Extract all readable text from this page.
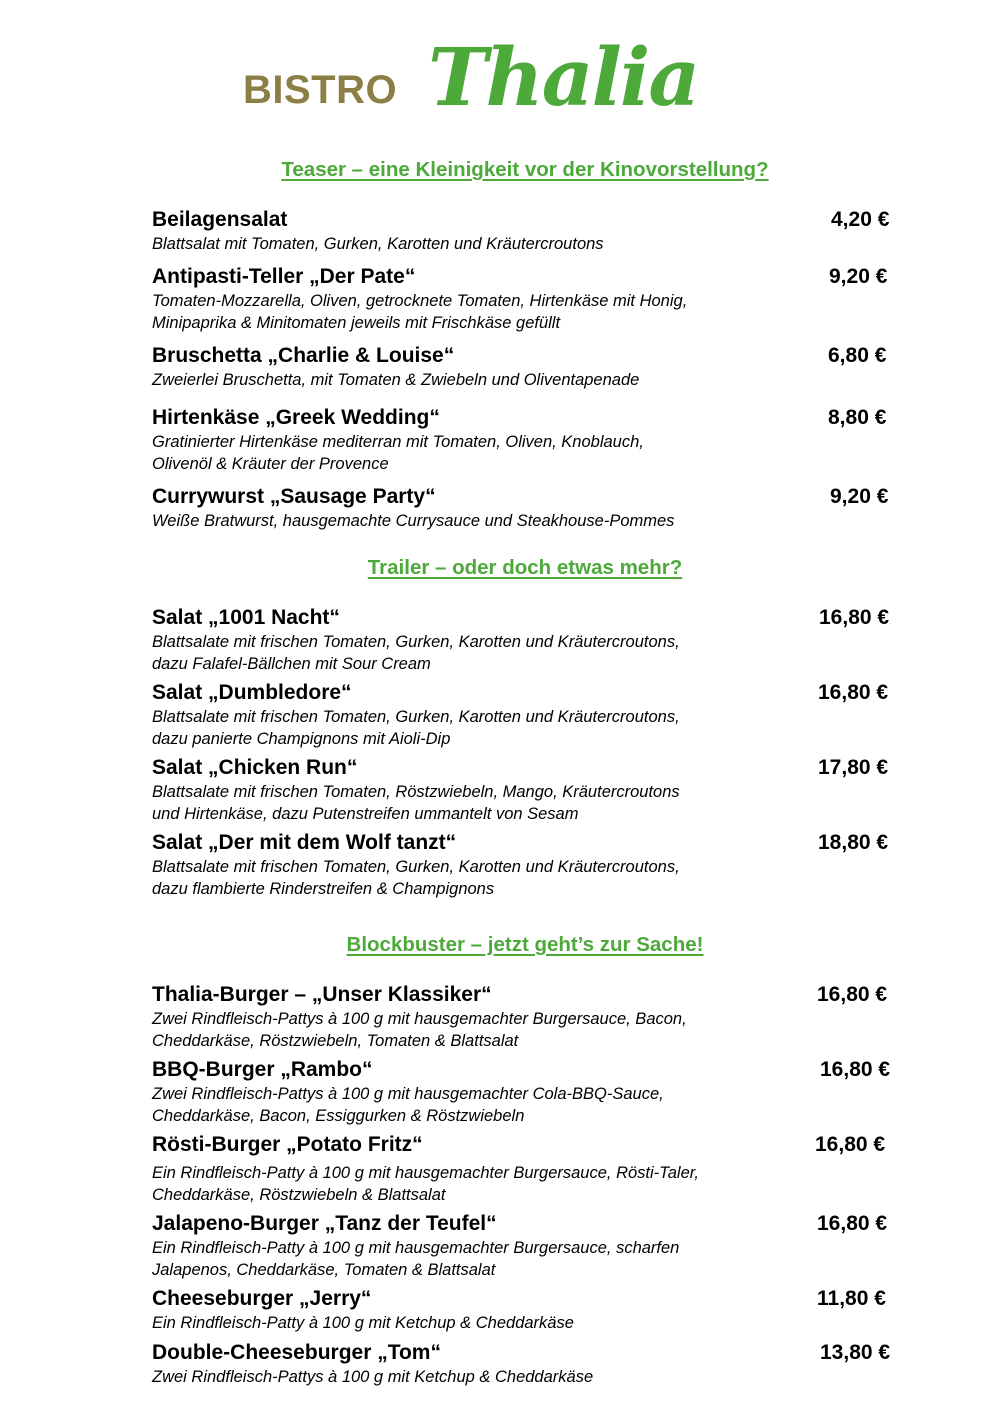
BISTRO Thalia
Teaser – eine Kleinigkeit vor der Kinovorstellung?
Beilagensalat
Blattsalat mit Tomaten, Gurken, Karotten und Kräutercroutons
4,20 €
Antipasti-Teller „Der Pate“
Tomaten-Mozzarella, Oliven, getrocknete Tomaten, Hirtenkäse mit Honig,
Minipaprika & Minitomaten jeweils mit Frischkäse gefüllt
9,20 €
Bruschetta „Charlie & Louise“
Zweierlei Bruschetta, mit Tomaten & Zwiebeln und Oliventapenade
6,80 €
Hirtenkäse „Greek Wedding“
Gratinierter Hirtenkäse mediterran mit Tomaten, Oliven, Knoblauch,
Olivenöl & Kräuter der Provence
8,80 €
Currywurst „Sausage Party“
Weiße Bratwurst, hausgemachte Currysauce und Steakhouse-Pommes
9,20 €
Trailer – oder doch etwas mehr?
Salat „1001 Nacht“
Blattsalate mit frischen Tomaten, Gurken, Karotten und Kräutercroutons,
dazu Falafel-Bällchen mit Sour Cream
16,80 €
Salat „Dumbledore“
Blattsalate mit frischen Tomaten, Gurken, Karotten und Kräutercroutons,
dazu panierte Champignons mit Aioli-Dip
16,80 €
Salat „Chicken Run“
Blattsalate mit frischen Tomaten, Röstzwiebeln, Mango, Kräutercroutons
und Hirtenkäse, dazu Putenstreifen ummantelt von Sesam
17,80 €
Salat „Der mit dem Wolf tanzt“
Blattsalate mit frischen Tomaten, Gurken, Karotten und Kräutercroutons,
dazu flambierte Rinderstreifen & Champignons
18,80 €
Blockbuster – jetzt geht’s zur Sache!
Thalia-Burger – „Unser Klassiker“
Zwei Rindfleisch-Pattys à 100 g mit hausgemachter Burgersauce, Bacon,
Cheddarkäse, Röstzwiebeln, Tomaten & Blattsalat
16,80 €
BBQ-Burger „Rambo“
Zwei Rindfleisch-Pattys à 100 g mit hausgemachter Cola-BBQ-Sauce,
Cheddarkäse, Bacon, Essiggurken & Röstzwiebeln
16,80 €
Rösti-Burger „Potato Fritz“
Ein Rindfleisch-Patty à 100 g mit hausgemachter Burgersauce, Rösti-Taler,
Cheddarkäse, Röstzwiebeln & Blattsalat
16,80 €
Jalapeno-Burger „Tanz der Teufel“
Ein Rindfleisch-Patty à 100 g mit hausgemachter Burgersauce, scharfen
Jalapenos, Cheddarkäse, Tomaten & Blattsalat
16,80 €
Cheeseburger „Jerry“
Ein Rindfleisch-Patty à 100 g mit Ketchup & Cheddarkäse
11,80 €
Double-Cheeseburger „Tom“
Zwei Rindfleisch-Pattys à 100 g mit Ketchup & Cheddarkäse
13,80 €
